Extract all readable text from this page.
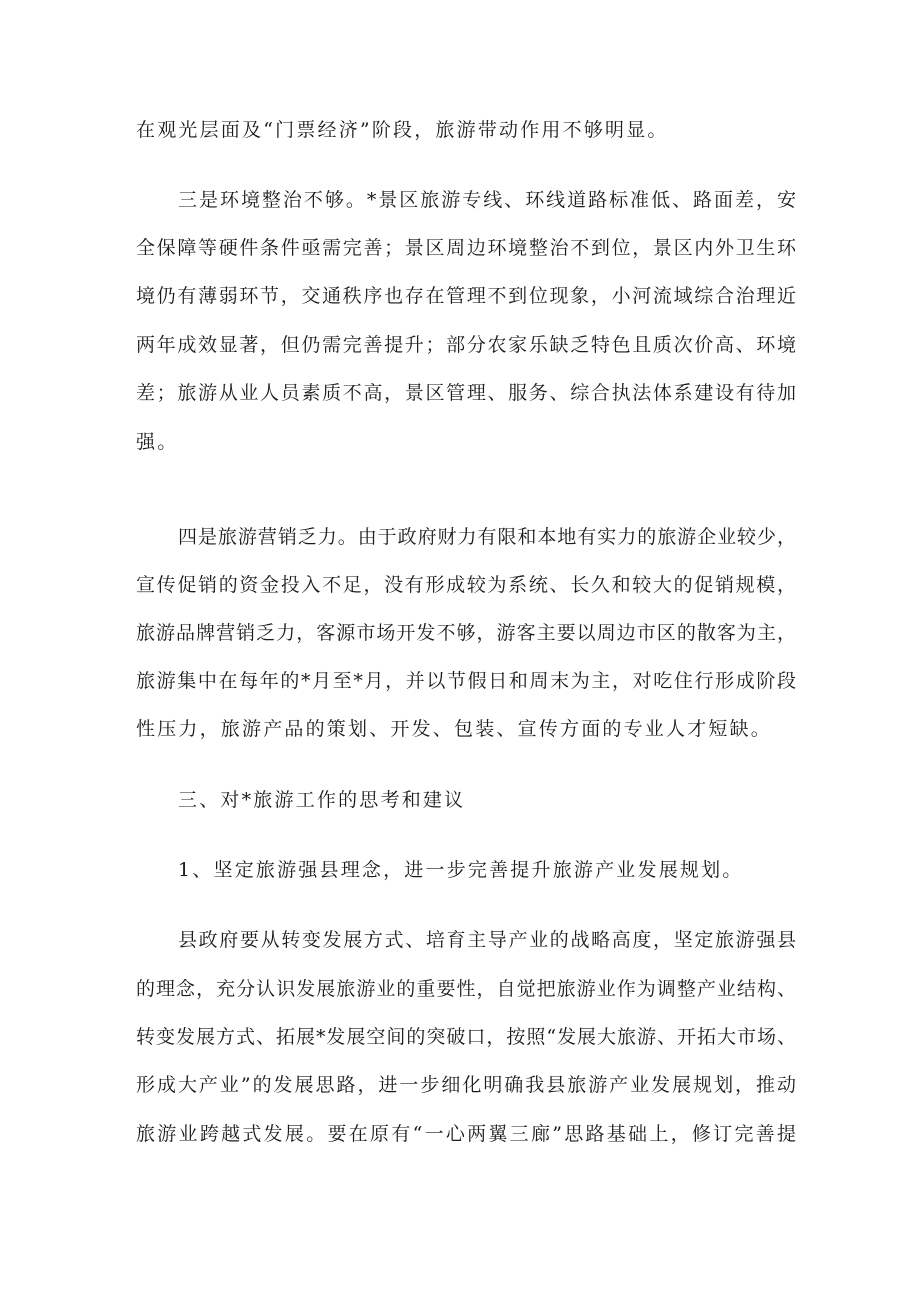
在观光层面及“门票经济”阶段，旅游带动作用不够明显。
三是环境整治不够。*景区旅游专线、环线道路标准低、路面差，安
全保障等硬件条件亟需完善；景区周边环境整治不到位，景区内外卫生环
境仍有薄弱环节，交通秩序也存在管理不到位现象，小河流域综合治理近
两年成效显著，但仍需完善提升；部分农家乐缺乏特色且质次价高、环境
差；旅游从业人员素质不高，景区管理、服务、综合执法体系建设有待加
强。
四是旅游营销乏力。由于政府财力有限和本地有实力的旅游企业较少，
宣传促销的资金投入不足，没有形成较为系统、长久和较大的促销规模，
旅游品牌营销乏力，客源市场开发不够，游客主要以周边市区的散客为主，
旅游集中在每年的*月至*月，并以节假日和周末为主，对吃住行形成阶段
性压力，旅游产品的策划、开发、包装、宣传方面的专业人才短缺。
三、对*旅游工作的思考和建议
1、坚定旅游强县理念，进一步完善提升旅游产业发展规划。
县政府要从转变发展方式、培育主导产业的战略高度，坚定旅游强县
的理念，充分认识发展旅游业的重要性，自觉把旅游业作为调整产业结构、
转变发展方式、拓展*发展空间的突破口，按照“发展大旅游、开拓大市场、
形成大产业”的发展思路，进一步细化明确我县旅游产业发展规划，推动
旅游业跨越式发展。要在原有“一心两翼三廊”思路基础上，修订完善提
